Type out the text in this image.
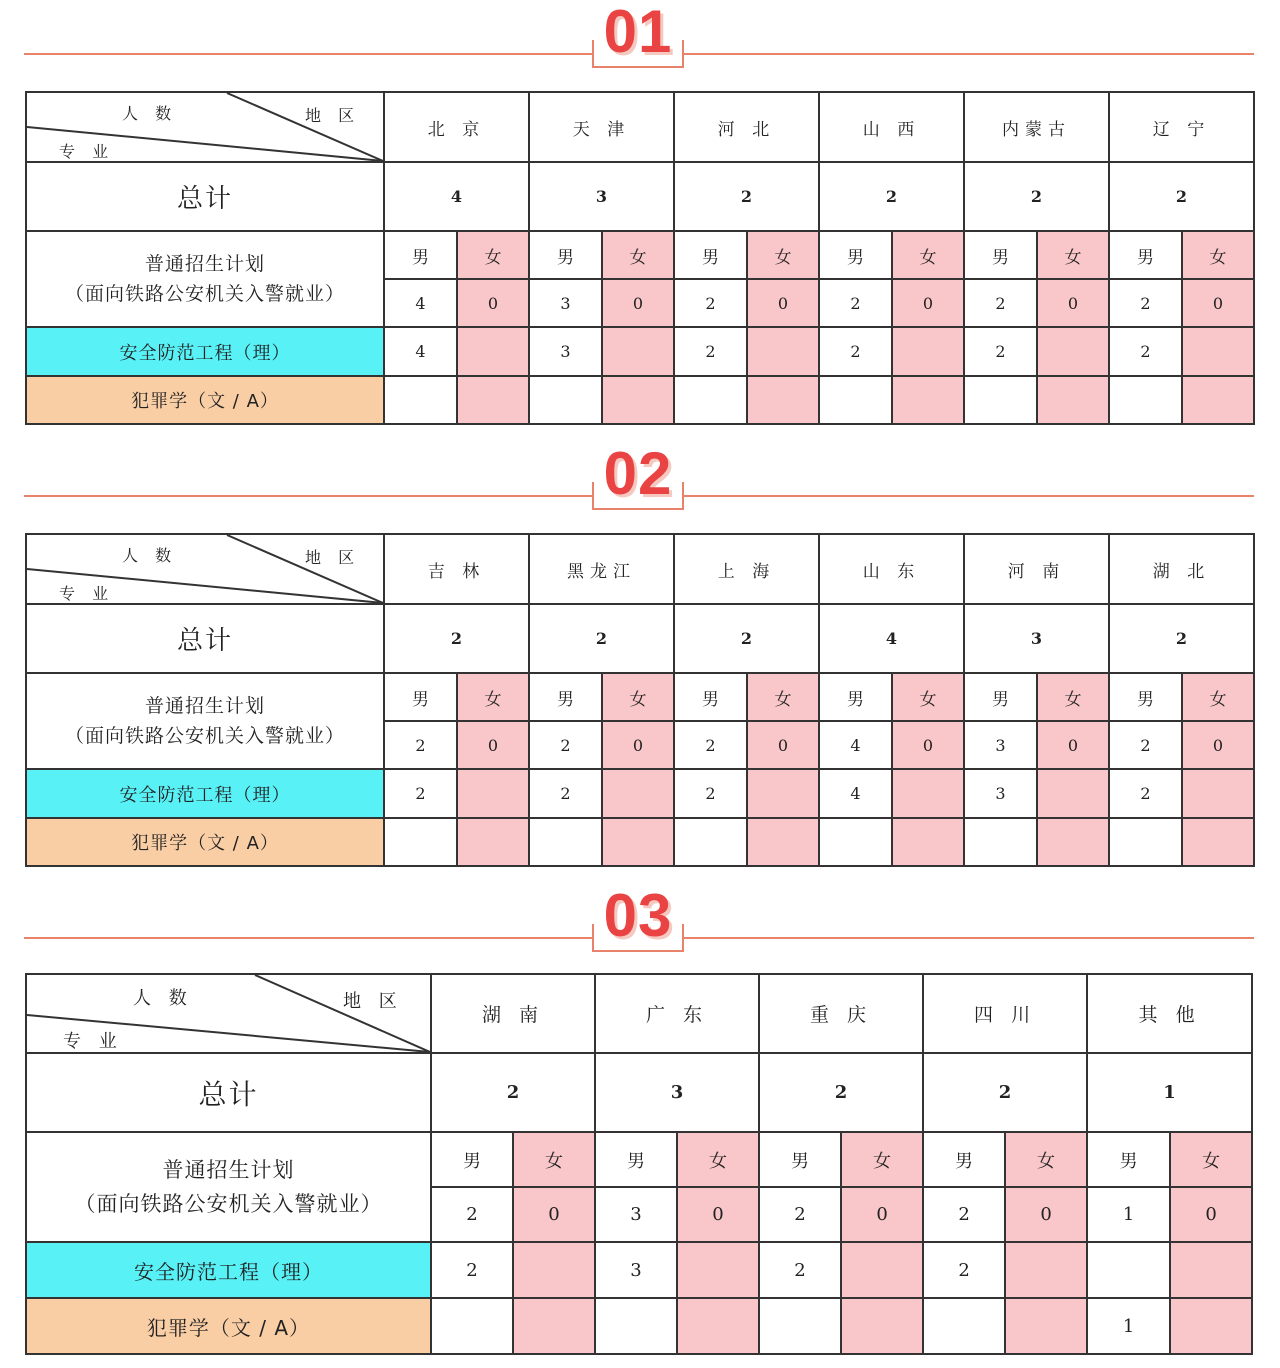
01
人 数 地 区
专 业	北 京		天 津		河 北		山 西		内蒙古		辽 宁	
总计	4		3		2		2		2		2	

普通招生计划
（面向铁路公安机关入警就业）	男	女	男	女	男	女	男	女	男	女	男	女
	4	0	3	0	2	0	2	0	2	0	2	0
安全防范工程（理）	4		3		2		2		2		2	
犯罪学（文 / A）												
02
人 数 地 区
专 业	吉 林		黑龙江		上 海		山 东		河 南		湖 北	
总计	2		2		2		4		3		2	

普通招生计划
（面向铁路公安机关入警就业）	男	女	男	女	男	女	男	女	男	女	男	女
	2	0	2	0	2	0	4	0	3	0	2	0
安全防范工程（理）	2		2		2		4		3		2	
犯罪学（文 / A）												
03
人 数 地 区
专 业	湖 南		广 东		重 庆		四 川		其 他	
总计	2		3		2		2		1	

普通招生计划
（面向铁路公安机关入警就业）	男	女	男	女	男	女	男	女	男	女
	2	0	3	0	2	0	2	0	1	0
安全防范工程（理）	2		3		2		2			
犯罪学（文 / A）									1	
